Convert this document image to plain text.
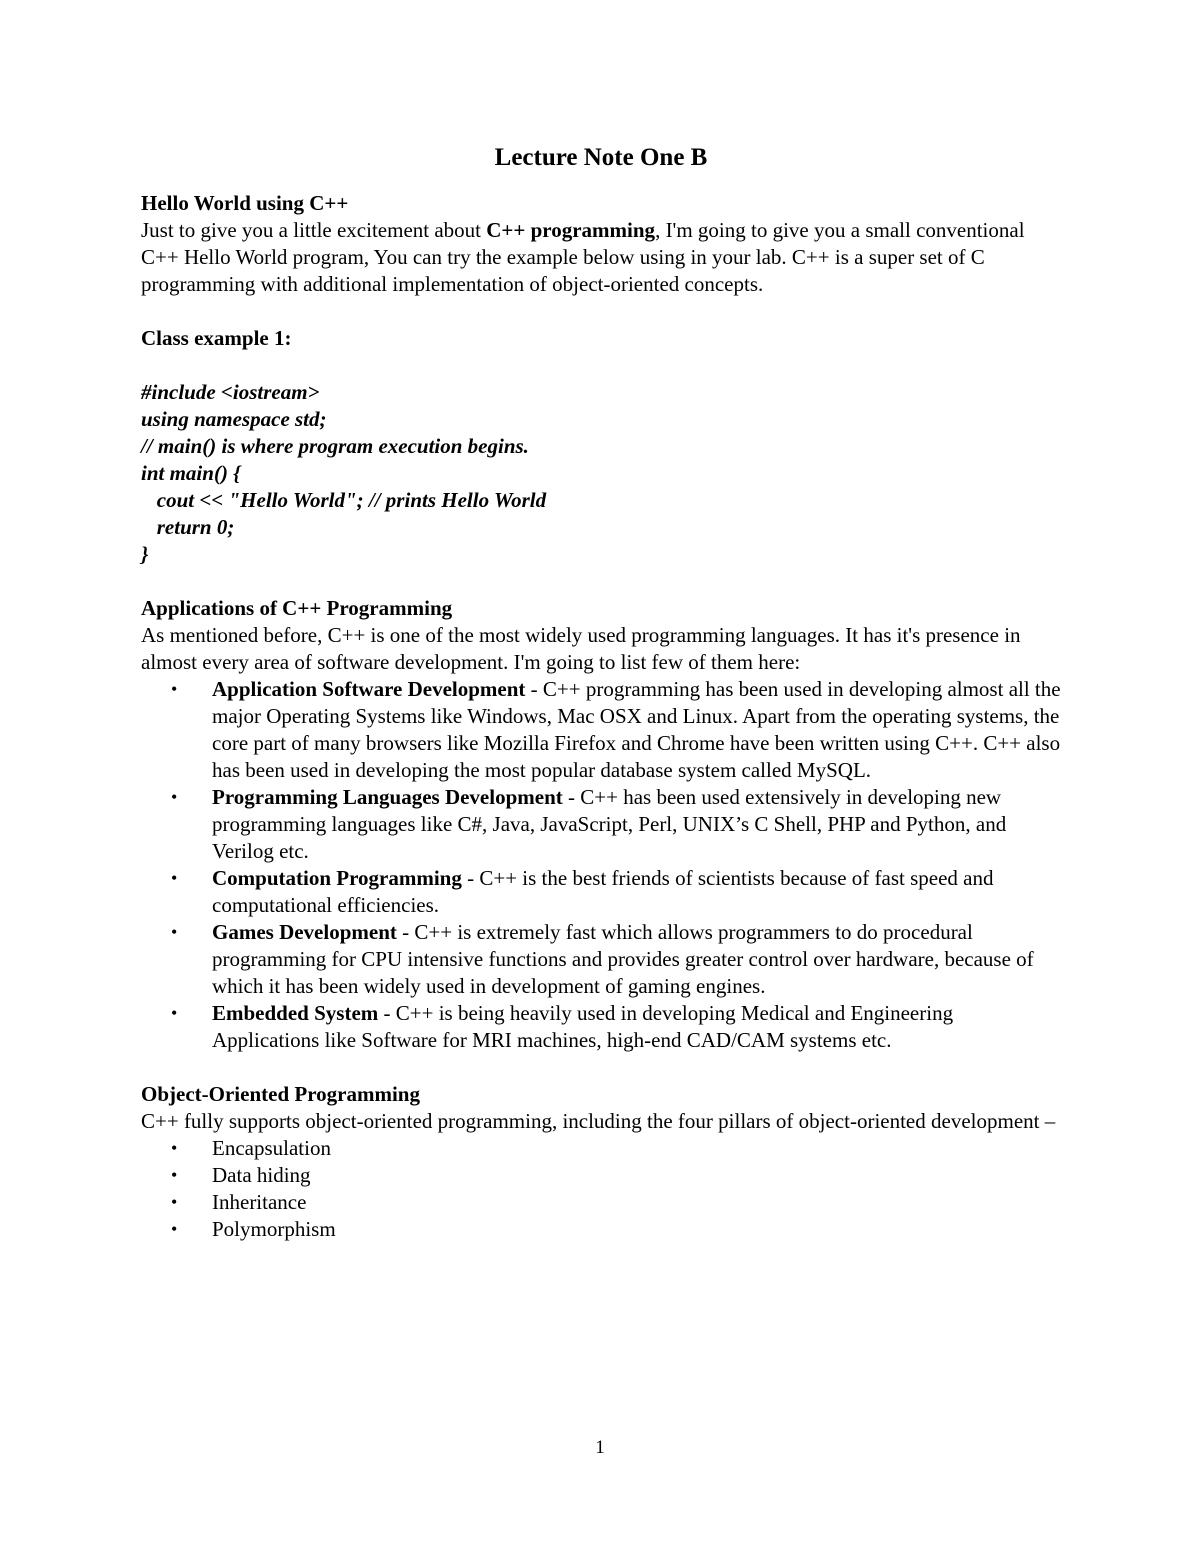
Lecture Note One B

Hello World using C++

Just to give you a little excitement about C++ programming, I'm going to give you a small conventional C++ Hello World program, You can try the example below using in your lab. C++ is a super set of C programming with additional implementation of object-oriented concepts.

Class example 1:

#include <iostream>

using namespace std;

// main() is where program execution begins.

int main() {

cout << "Hello World"; // prints Hello World

return 0;

}

Applications of C++ Programming

As mentioned before, C++ is one of the most widely used programming languages. It has it's presence in almost every area of software development. I'm going to list few of them here:

• Application Software Development - C++ programming has been used in developing almost all the major Operating Systems like Windows, Mac OSX and Linux. Apart from the operating systems, the core part of many browsers like Mozilla Firefox and Chrome have been written using C++. C++ also has been used in developing the most popular database system called MySQL.
• Programming Languages Development - C++ has been used extensively in developing new programming languages like C#, Java, JavaScript, Perl, UNIX’s C Shell, PHP and Python, and Verilog etc.
• Computation Programming - C++ is the best friends of scientists because of fast speed and computational efficiencies.
• Games Development - C++ is extremely fast which allows programmers to do procedural programming for CPU intensive functions and provides greater control over hardware, because of which it has been widely used in development of gaming engines.
• Embedded System - C++ is being heavily used in developing Medical and Engineering Applications like Software for MRI machines, high-end CAD/CAM systems etc.

Object-Oriented Programming

C++ fully supports object-oriented programming, including the four pillars of object-oriented development –

• Encapsulation
• Data hiding
• Inheritance
• Polymorphism
1
